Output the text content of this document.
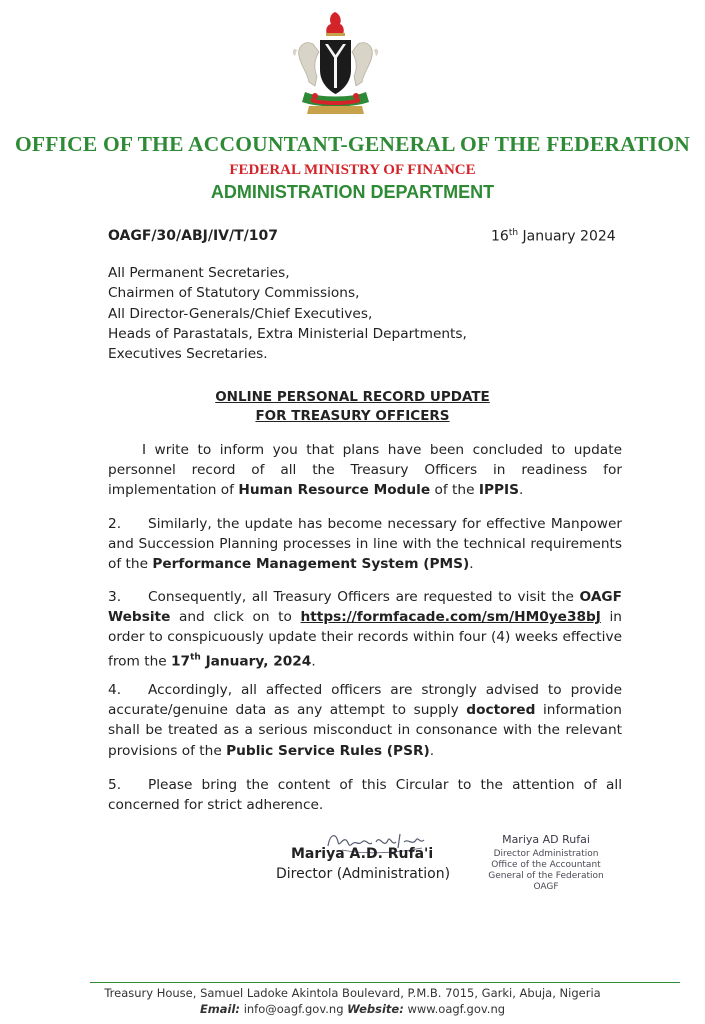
OFFICE OF THE ACCOUNTANT-GENERAL OF THE FEDERATION
FEDERAL MINISTRY OF FINANCE
ADMINISTRATION DEPARTMENT
OAGF/30/ABJ/IV/T/107	16th January 2024
All Permanent Secretaries,
Chairmen of Statutory Commissions,
All Director-Generals/Chief Executives,
Heads of Parastatals, Extra Ministerial Departments,
Executives Secretaries.
ONLINE PERSONAL RECORD UPDATE
FOR TREASURY OFFICERS
I write to inform you that plans have been concluded to update personnel record of all the Treasury Officers in readiness for implementation of Human Resource Module of the IPPIS.
2. Similarly, the update has become necessary for effective Manpower and Succession Planning processes in line with the technical requirements of the Performance Management System (PMS).
3. Consequently, all Treasury Officers are requested to visit the OAGF Website and click on to https://formfacade.com/sm/HM0ye38bJ in order to conspicuously update their records within four (4) weeks effective from the 17th January, 2024.
4. Accordingly, all affected officers are strongly advised to provide accurate/genuine data as any attempt to supply doctored information shall be treated as a serious misconduct in consonance with the relevant provisions of the Public Service Rules (PSR).
5. Please bring the content of this Circular to the attention of all concerned for strict adherence.
Mariya A.D. Rufa'i
Director (Administration)
Mariya AD Rufai
Director Administration
Office of the Accountant
General of the Federation
OAGF
Treasury House, Samuel Ladoke Akintola Boulevard, P.M.B. 7015, Garki, Abuja, Nigeria
Email: info@oagf.gov.ng Website: www.oagf.gov.ng
